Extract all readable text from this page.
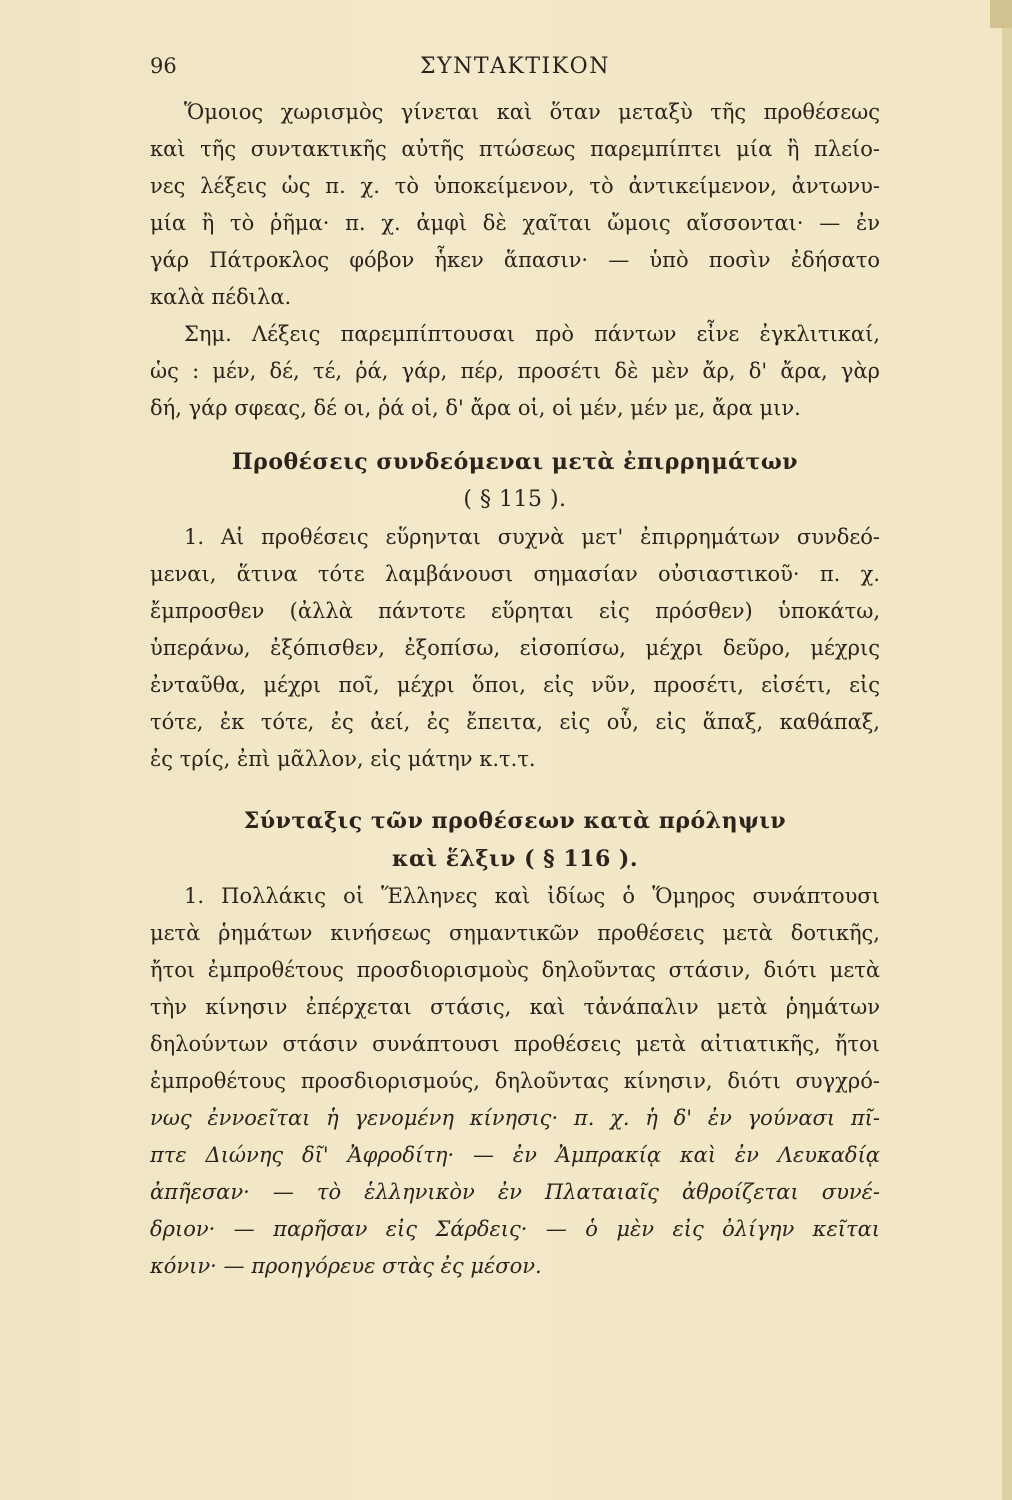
96	ΣΥΝΤΑΚΤΙΚΟΝ
Ὅμοιος χωρισμὸς γίνεται καὶ ὅταν μεταξὺ τῆς προθέσεως
καὶ τῆς συντακτικῆς αὐτῆς πτώσεως παρεμπίπτει μία ἢ πλείο-
νες λέξεις ὡς π. χ. τὸ ὑποκείμενον, τὸ ἀντικείμενον, ἀντωνυ-
μία ἢ τὸ ῥῆμα· π. χ. ἀμφὶ δὲ χαῖται ὤμοις αἴσσονται· — ἐν
γάρ Πάτροκλος φόβον ἧκεν ἅπασιν· — ὑπὸ ποσὶν ἐδήσατο
καλὰ πέδιλα.
Σημ. Λέξεις παρεμπίπτουσαι πρὸ πάντων εἶνε ἐγκλιτικαί,
ὡς : μέν, δέ, τέ, ῥά, γάρ, πέρ, προσέτι δὲ μὲν ἄρ, δ' ἄρα, γὰρ
δή, γάρ σφεας, δέ οι, ῥά οἱ, δ' ἄρα οἱ, οἱ μέν, μέν με, ἄρα μιν.
Προθέσεις συνδεόμεναι μετὰ ἐπιρρημάτων
( § 115 ).
1. Αἱ προθέσεις εὕρηνται συχνὰ μετ' ἐπιρρημάτων συνδεό-
μεναι, ἅτινα τότε λαμβάνουσι σημασίαν οὐσιαστικοῦ· π. χ.
ἔμπροσθεν (ἀλλὰ πάντοτε εὕρηται εἰς πρόσθεν) ὑποκάτω,
ὑπεράνω, ἐξόπισθεν, ἐξοπίσω, εἰσοπίσω, μέχρι δεῦρο, μέχρις
ἐνταῦθα, μέχρι ποῖ, μέχρι ὅποι, εἰς νῦν, προσέτι, εἰσέτι, εἰς
τότε, ἐκ τότε, ἐς ἀεί, ἐς ἔπειτα, εἰς οὗ, εἰς ἅπαξ, καθάπαξ,
ἐς τρίς, ἐπὶ μᾶλλον, εἰς μάτην κ.τ.τ.
Σύνταξις τῶν προθέσεων κατὰ πρόληψιν
καὶ ἕλξιν ( § 116 ).
1. Πολλάκις οἱ Ἕλληνες καὶ ἰδίως ὁ Ὅμηρος συνάπτουσι
μετὰ ῥημάτων κινήσεως σημαντικῶν προθέσεις μετὰ δοτικῆς,
ἤτοι ἐμπροθέτους προσδιορισμοὺς δηλοῦντας στάσιν, διότι μετὰ
τὴν κίνησιν ἐπέρχεται στάσις, καὶ τἀνάπαλιν μετὰ ῥημάτων
δηλούντων στάσιν συνάπτουσι προθέσεις μετὰ αἰτιατικῆς, ἤτοι
ἐμπροθέτους προσδιορισμούς, δηλοῦντας κίνησιν, διότι συγχρό-
νως ἐννοεῖται ἡ γενομένη κίνησις· π. χ. ἡ δ' ἐν γούνασι πῖ-
πτε Διώνης δῖ' Ἀφροδίτη· — ἐν Ἀμπρακίᾳ καὶ ἐν Λευκαδίᾳ
ἀπῆεσαν· — τὸ ἑλληνικὸν ἐν Πλαταιαῖς ἀθροίζεται συνέ-
δριον· — παρῆσαν εἰς Σάρδεις· — ὁ μὲν εἰς ὀλίγην κεῖται
κόνιν· — προηγόρευε στὰς ἐς μέσον.
